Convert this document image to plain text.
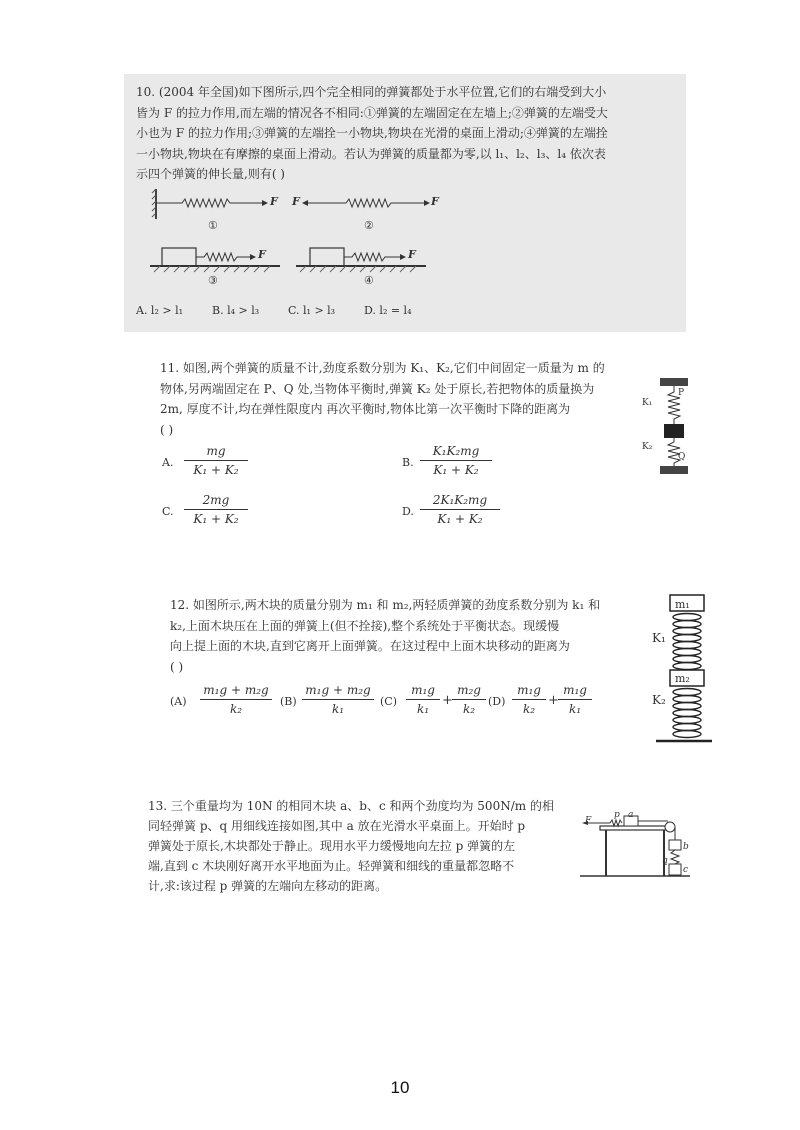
10. (2004 年全国)如下图所示,四个完全相同的弹簧都处于水平位置,它们的右端受到大小
皆为 F 的拉力作用,而左端的情况各不相同:①弹簧的左端固定在左墙上;②弹簧的左端受大
小也为 F 的拉力作用;③弹簧的左端拴一小物块,物块在光滑的桌面上滑动;④弹簧的左端拴
一小物块,物块在有摩擦的桌面上滑动。若认为弹簧的质量都为零,以 l₁、l₂、l₃、l₄ 依次表
示四个弹簧的伸长量,则有( )
F F	F
①	②
F	F
③	④
A. l₂ > l₁	B. l₄ > l₃	C. l₁ > l₃	D. l₂ = l₄
11. 如图,两个弹簧的质量不计,劲度系数分别为 K₁、K₂,它们中间固定一质量为 m 的
物体,另两端固定在 P、Q 处,当物体平衡时,弹簧 K₂ 处于原长,若把物体的质量换为
2m, 厚度不计,均在弹性限度内 再次平衡时,物体比第一次平衡时下降的距离为
( )
A.
mg
K₁ + K₂
B.
K₁K₂mg
K₁ + K₂
C.
2mg
K₁ + K₂
D.
2K₁K₂mg
K₁ + K₂
K₁
P
K₂
Q
12. 如图所示,两木块的质量分别为 m₁ 和 m₂,两轻质弹簧的劲度系数分别为 k₁ 和
k₂,上面木块压在上面的弹簧上(但不拴接),整个系统处于平衡状态。现缓慢
向上提上面的木块,直到它离开上面弹簧。在这过程中上面木块移动的距离为
( )
(A)
m₁g + m₂g
k₂
(B)
m₁g + m₂g
k₁
(C)
m₁g
k₁
+
m₂g
k₂
(D)
m₁g
k₂
+
m₁g
k₁
m₁
m₂
K₁
K₂
13. 三个重量均为 10N 的相同木块 a、b、c 和两个劲度均为 500N/m 的相
同轻弹簧 p、q 用细线连接如图,其中 a 放在光滑水平桌面上。开始时 p
弹簧处于原长,木块都处于静止。现用水平力缓慢地向左拉 p 弹簧的左
端,直到 c 木块刚好离开水平地面为止。轻弹簧和细线的重量都忽略不
计,求:该过程 p 弹簧的左端向左移动的距离。
F
p a
b
q
c
10
